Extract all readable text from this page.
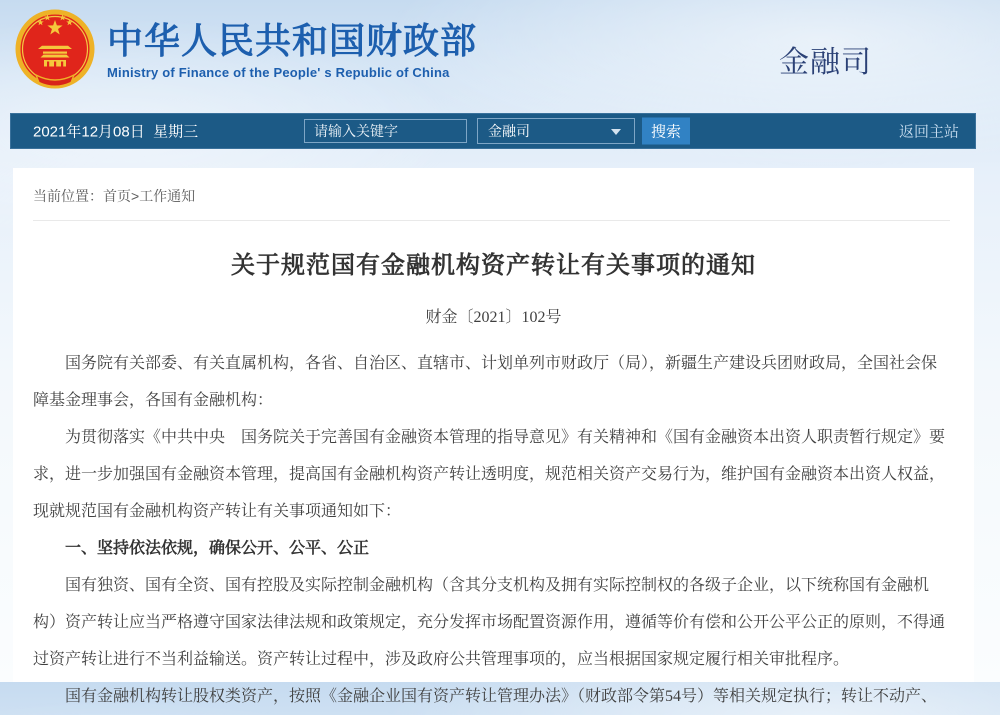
中华人民共和国财政部
Ministry of Finance of the People' s Republic of China	金融司
2021年12月08日  星期三
请输入关键字	金融司	搜索	返回主站
当前位置：首页>工作通知
关于规范国有金融机构资产转让有关事项的通知
财金〔2021〕102号

国务院有关部委、有关直属机构，各省、自治区、直辖市、计划单列市财政厅（局），新疆生产建设兵团财政局，全国社会保障基金理事会，各国有金融机构：

为贯彻落实《中共中央　国务院关于完善国有金融资本管理的指导意见》有关精神和《国有金融资本出资人职责暂行规定》要求，进一步加强国有金融资本管理，提高国有金融机构资产转让透明度，规范相关资产交易行为，维护国有金融资本出资人权益，现就规范国有金融机构资产转让有关事项通知如下：

一、坚持依法依规，确保公开、公平、公正

国有独资、国有全资、国有控股及实际控制金融机构（含其分支机构及拥有实际控制权的各级子企业，以下统称国有金融机构）资产转让应当严格遵守国家法律法规和政策规定，充分发挥市场配置资源作用，遵循等价有偿和公开公平公正的原则，不得通过资产转让进行不当利益输送。资产转让过程中，涉及政府公共管理事项的，应当根据国家规定履行相关审批程序。

国有金融机构转让股权类资产，按照《金融企业国有资产转让管理办法》（财政部令第54号）等相关规定执行；转让不动产、
